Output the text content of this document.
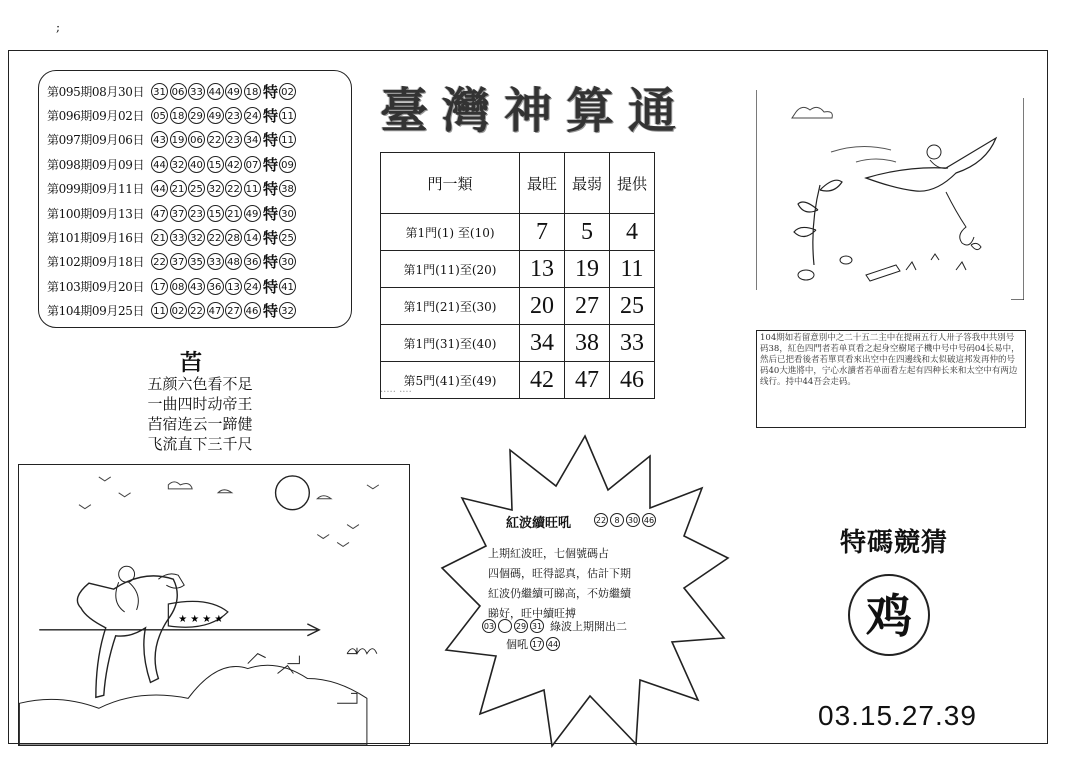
;
第095期08月30日 31 06 33 44 49 18 特 02
第096期09月02日 05 18 29 49 23 24 特 11
第097期09月06日 43 19 06 22 23 34 特 11
第098期09月09日 44 32 40 15 42 07 特 09
第099期09月11日 44 21 25 32 22 11 特 38
第100期09月13日 47 37 23 15 21 49 特 30
第101期09月16日 21 33 32 22 28 14 特 25
第102期09月18日 22 37 35 33 48 36 特 30
第103期09月20日 17 08 43 36 13 24 特 41
第104期09月25日 11 02 22 47 27 46 特 32
臺灣神算通
門一類	最旺	最弱	提供
第1門(1) 至(10)	7	5	4
第1門(11)至(20)	13	19	11
第1門(21)至(30)	20	27	25
第1門(31)至(40)	34	38	33
第5門(41)至(49)	42	47	46
..... ....
苩
五颜六色看不足
一曲四时动帝王
苩宿连云一蹄健
飞流直下三千尺
104期如若留意別中之二十五二主中在提兩五行人卅子答我中共別号码38，紅色四門者若单頁看之起身空樹尾子機中号中号码04长易中，然后已把看後者若單頁看來出空中在四邊线和太似破這邦发再仲的号码40大進將中，宁心水讀者若单面看左起有四种长来和太空中有两边线行。持中44吾会走码。
★ ★ ★ ★
紅波續旺吼	22	8	30 46
上期紅波旺，七個號碼占
四個碼，旺得認真，估計下期
紅波仍繼續可睇高，不妨繼續
睇好，旺中續旺搏
03	29 31 綠波上期開出二
個吼 17 44
特碼競猜
鸡
03.15.27.39
